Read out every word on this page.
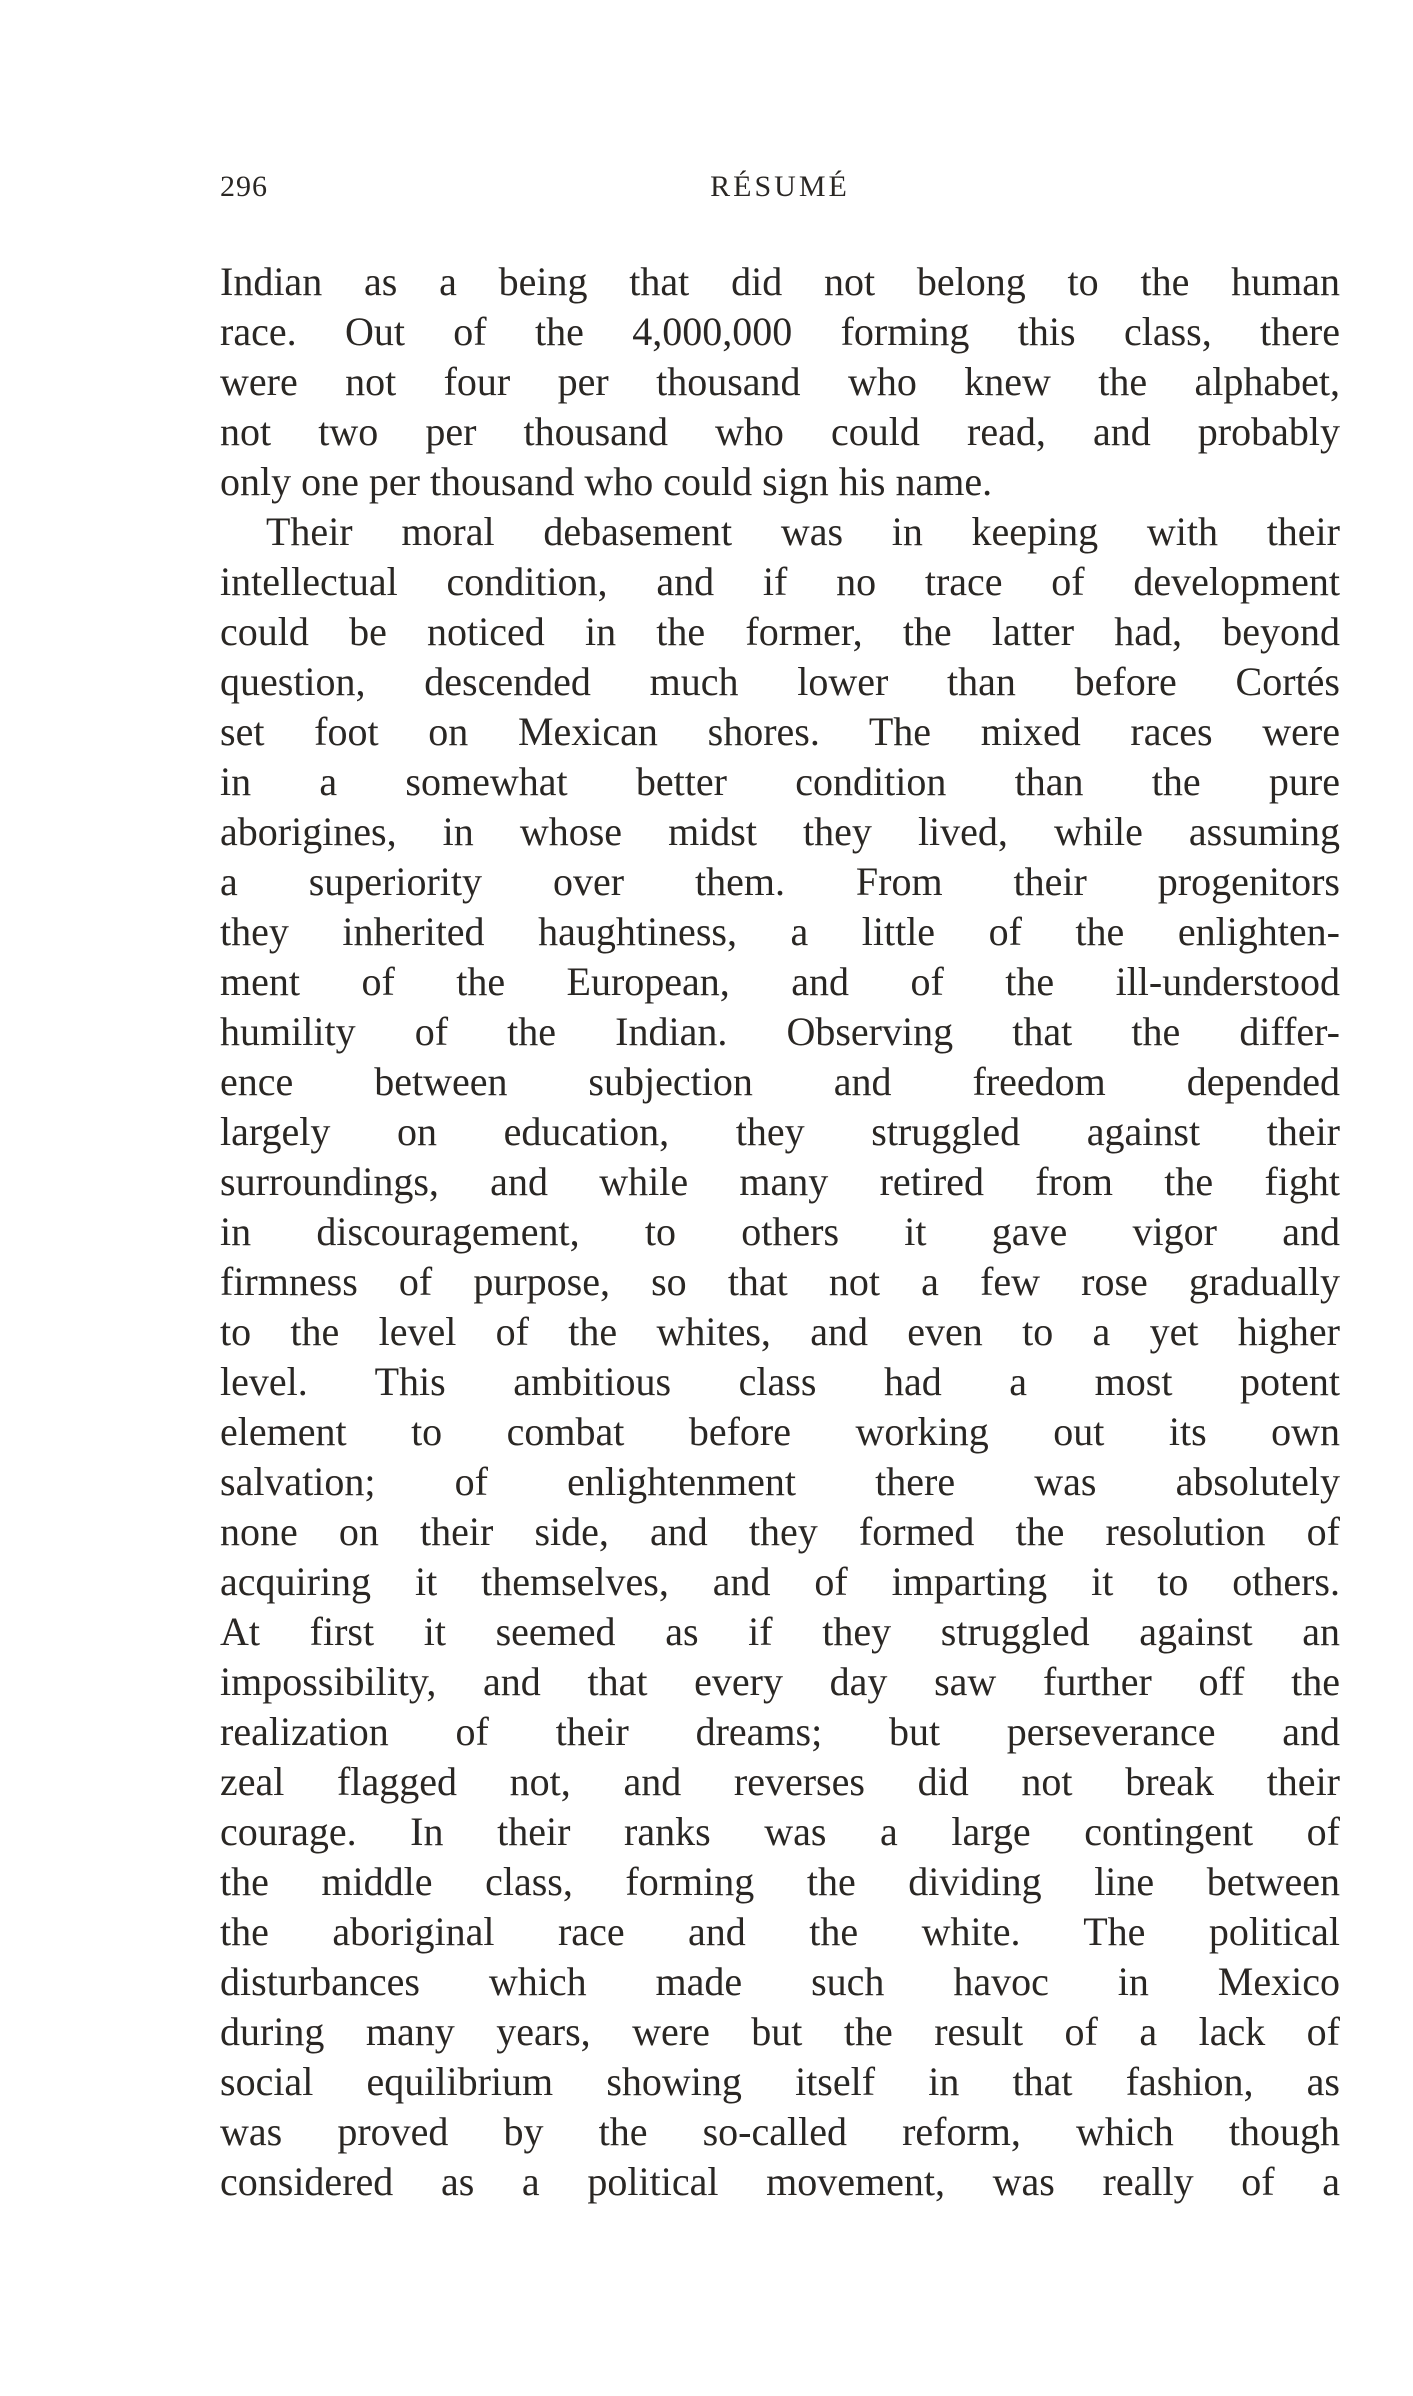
296	RÉSUMÉ
Indian as a being that did not belong to the human
race. Out of the 4,000,000 forming this class, there
were not four per thousand who knew the alphabet,
not two per thousand who could read, and probably
only one per thousand who could sign his name.
Their moral debasement was in keeping with their
intellectual condition, and if no trace of development
could be noticed in the former, the latter had, beyond
question, descended much lower than before Cortés
set foot on Mexican shores. The mixed races were
in a somewhat better condition than the pure
aborigines, in whose midst they lived, while assuming
a superiority over them. From their progenitors
they inherited haughtiness, a little of the enlighten-
ment of the European, and of the ill-understood
humility of the Indian. Observing that the differ-
ence between subjection and freedom depended
largely on education, they struggled against their
surroundings, and while many retired from the fight
in discouragement, to others it gave vigor and
firmness of purpose, so that not a few rose gradually
to the level of the whites, and even to a yet higher
level. This ambitious class had a most potent
element to combat before working out its own
salvation; of enlightenment there was absolutely
none on their side, and they formed the resolution of
acquiring it themselves, and of imparting it to others.
At first it seemed as if they struggled against an
impossibility, and that every day saw further off the
realization of their dreams; but perseverance and
zeal flagged not, and reverses did not break their
courage. In their ranks was a large contingent of
the middle class, forming the dividing line between
the aboriginal race and the white. The political
disturbances which made such havoc in Mexico
during many years, were but the result of a lack of
social equilibrium showing itself in that fashion, as
was proved by the so-called reform, which though
considered as a political movement, was really of a
